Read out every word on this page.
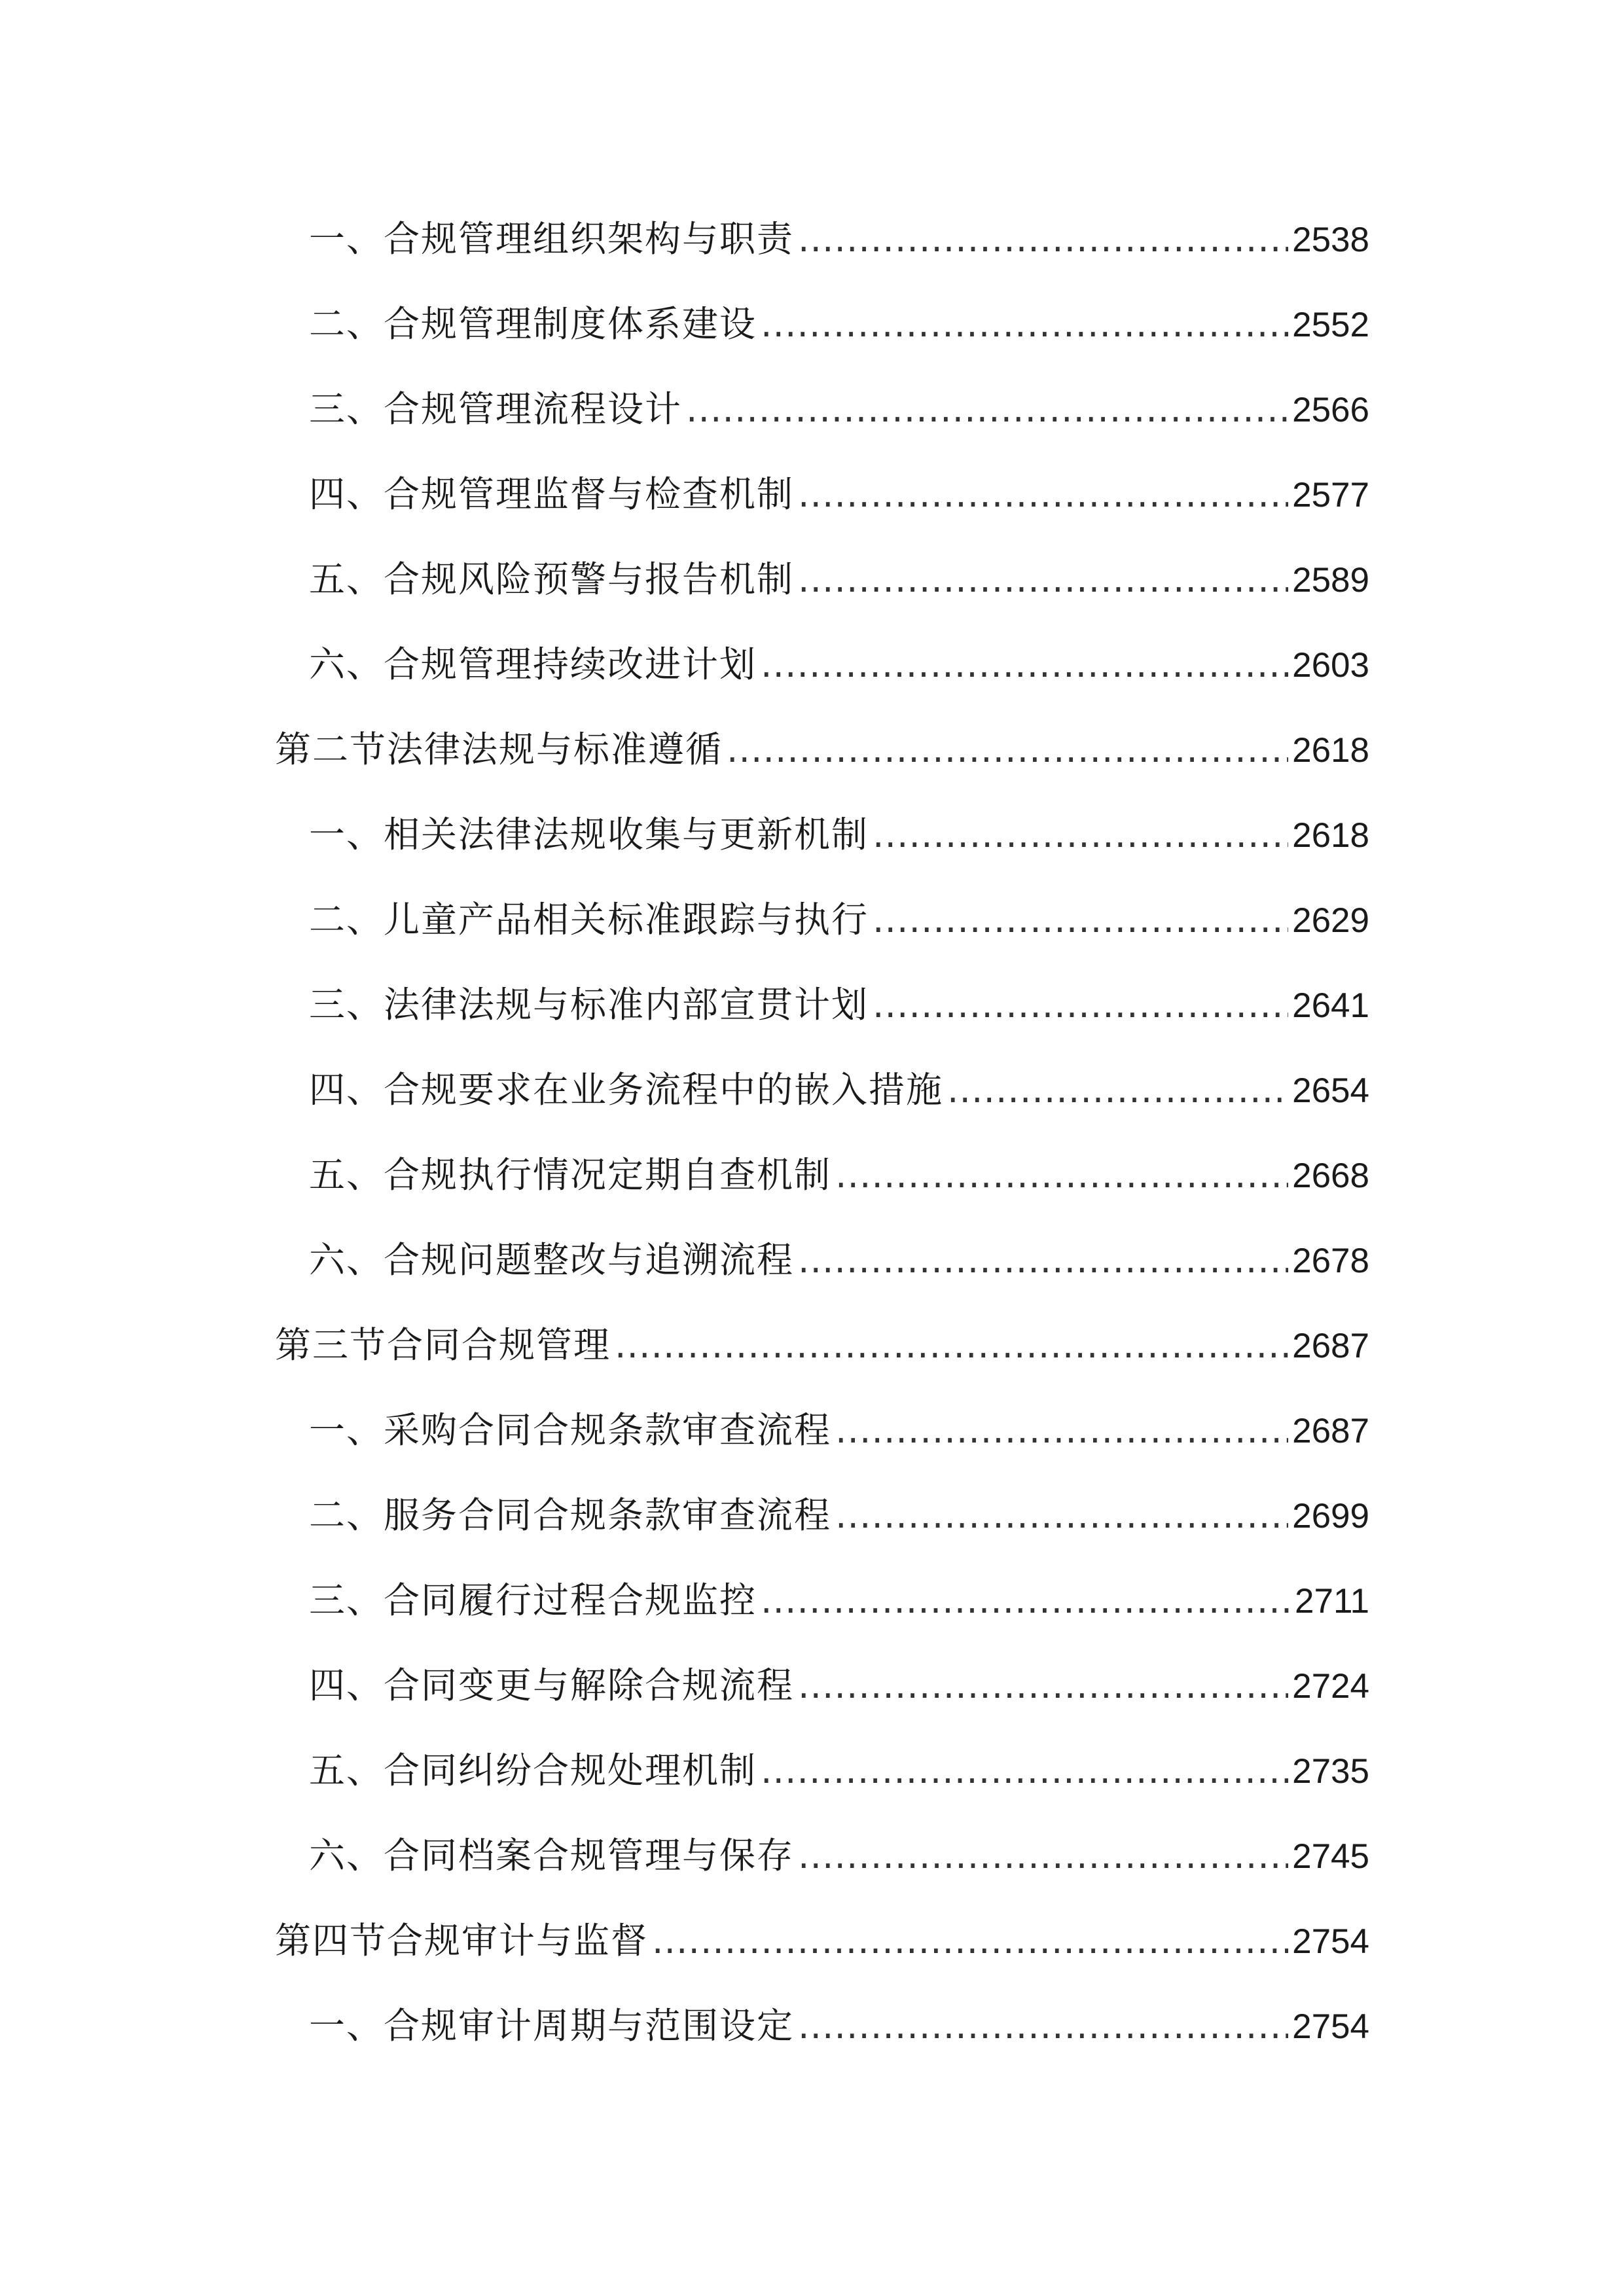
一、合规管理组织架构与职责 .....	2538
二、合规管理制度体系建设 .....	2552
三、合规管理流程设计 .....	2566
四、合规管理监督与检查机制 .....	2577
五、合规风险预警与报告机制 .....	2589
六、合规管理持续改进计划 .....	2603
第二节法律法规与标准遵循 .....	2618
一、相关法律法规收集与更新机制 .....	2618
二、儿童产品相关标准跟踪与执行 .....	2629
三、法律法规与标准内部宣贯计划 .....	2641
四、合规要求在业务流程中的嵌入措施 .....	2654
五、合规执行情况定期自查机制 .....	2668
六、合规问题整改与追溯流程 .....	2678
第三节合同合规管理 .....	2687
一、采购合同合规条款审查流程 .....	2687
二、服务合同合规条款审查流程 .....	2699
三、合同履行过程合规监控 .....	2711
四、合同变更与解除合规流程 .....	2724
五、合同纠纷合规处理机制 .....	2735
六、合同档案合规管理与保存 .....	2745
第四节合规审计与监督 .....	2754
一、合规审计周期与范围设定 .....	2754
